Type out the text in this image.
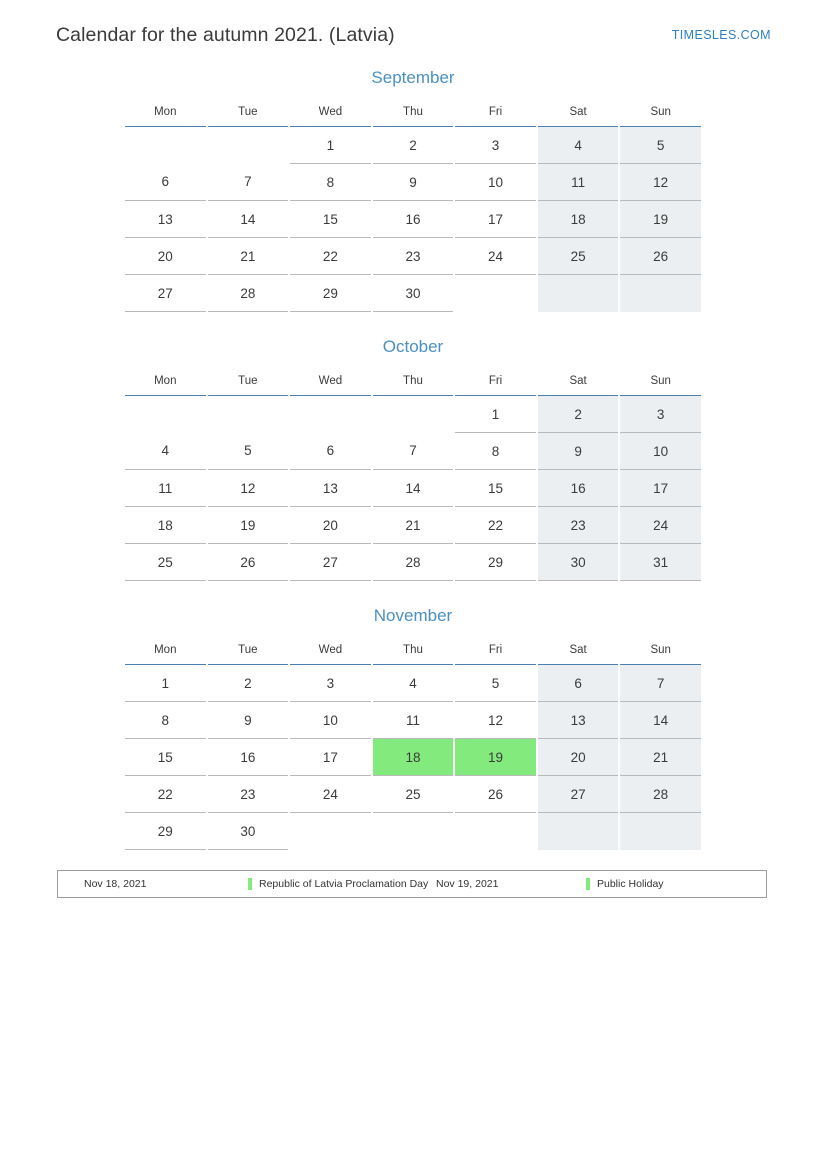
Calendar for the autumn 2021. (Latvia)	TIMESLES.COM
September
Mon	Tue	Wed	Thu	Fri	Sat	Sun
		1	2	3	4	5
6	7	8	9	10	11	12
13	14	15	16	17	18	19
20	21	22	23	24	25	26
27	28	29	30			
October
Mon	Tue	Wed	Thu	Fri	Sat	Sun
				1	2	3
4	5	6	7	8	9	10
11	12	13	14	15	16	17
18	19	20	21	22	23	24
25	26	27	28	29	30	31
November
Mon	Tue	Wed	Thu	Fri	Sat	Sun
1	2	3	4	5	6	7
8	9	10	11	12	13	14
15	16	17	18	19	20	21
22	23	24	25	26	27	28
29	30					
Nov 18, 2021	Republic of Latvia Proclamation Day Nov 19, 2021	Public Holiday
